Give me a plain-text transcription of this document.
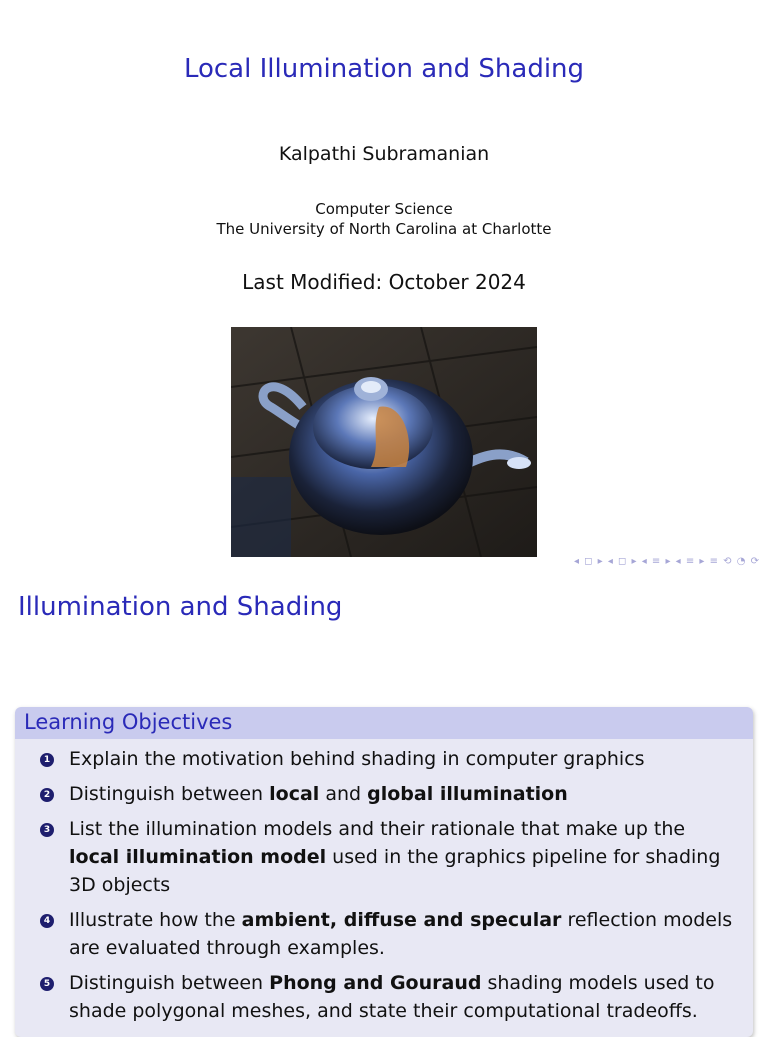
Local Illumination and Shading
Kalpathi Subramanian
Computer Science
The University of North Carolina at Charlotte
Last Modified: October 2024
◂ ◻ ▸ ◂ ◻ ▸ ◂ ≡ ▸ ◂ ≡ ▸ ≡ ⟲ ◔ ⟳
Illumination and Shading
Learning Objectives
1 Explain the motivation behind shading in computer graphics
2 Distinguish between local and global illumination
3 List the illumination models and their rationale that make up the local illumination model used in the graphics pipeline for shading 3D objects
4 Illustrate how the ambient, diffuse and specular reflection models are evaluated through examples.
5 Distinguish between Phong and Gouraud shading models used to shade polygonal meshes, and state their computational tradeoffs.
